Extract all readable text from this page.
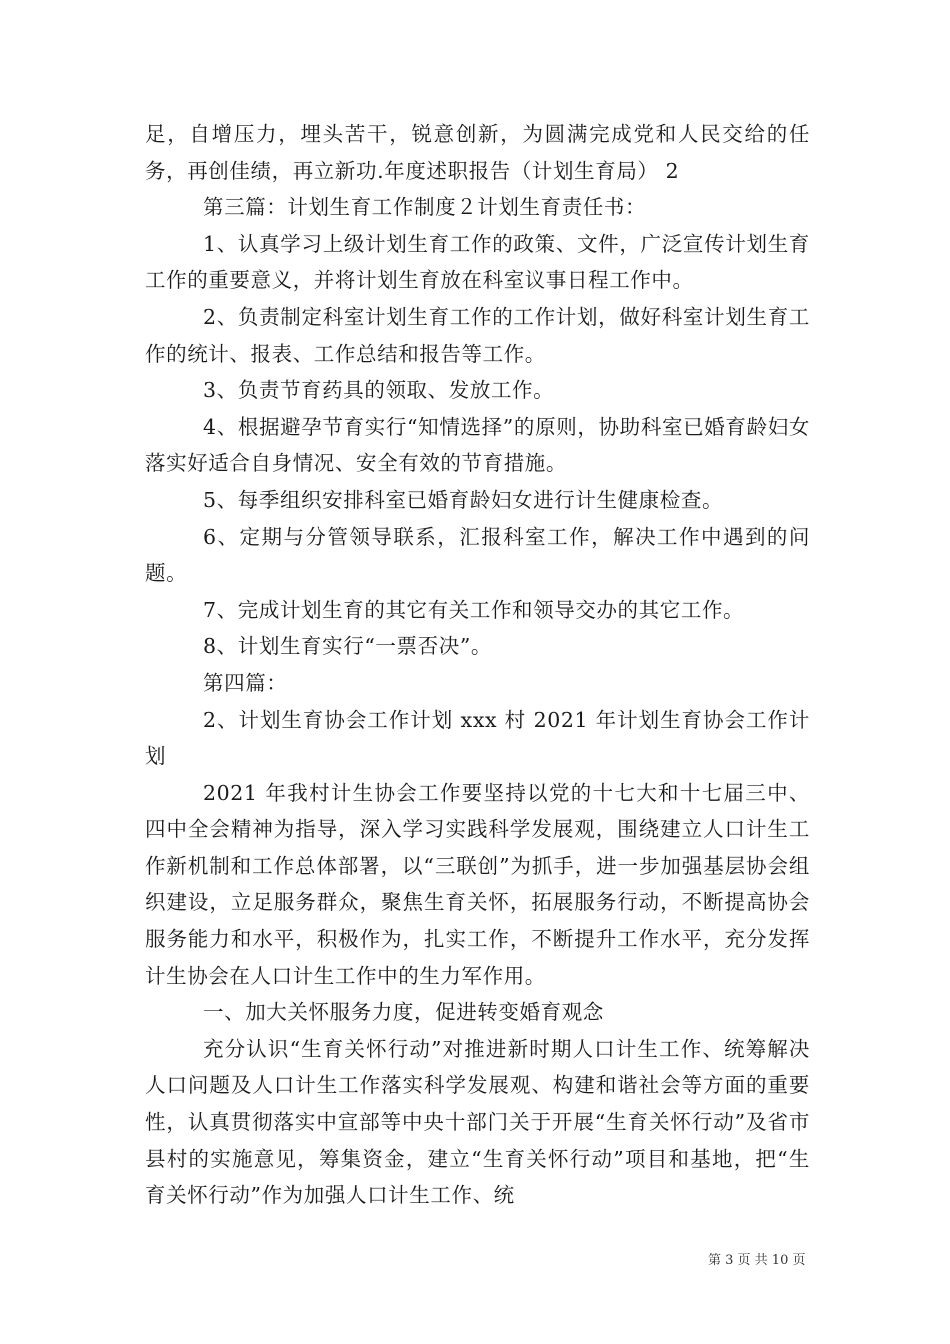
足，自增压力，埋头苦干，锐意创新，为圆满完成党和人民交给的任务，再创佳绩，再立新功.年度述职报告（计划生育局） 2

第三篇：计划生育工作制度２计划生育责任书：

1、认真学习上级计划生育工作的政策、文件，广泛宣传计划生育工作的重要意义，并将计划生育放在科室议事日程工作中。

2、负责制定科室计划生育工作的工作计划，做好科室计划生育工作的统计、报表、工作总结和报告等工作。

3、负责节育药具的领取、发放工作。

4、根据避孕节育实行“知情选择”的原则，协助科室已婚育龄妇女落实好适合自身情况、安全有效的节育措施。

5、每季组织安排科室已婚育龄妇女进行计生健康检查。

6、定期与分管领导联系，汇报科室工作，解决工作中遇到的问题。

7、完成计划生育的其它有关工作和领导交办的其它工作。

8、计划生育实行“一票否决”。

第四篇：

2、计划生育协会工作计划 xxx 村 2021 年计划生育协会工作计划

2021 年我村计生协会工作要坚持以党的十七大和十七届三中、四中全会精神为指导，深入学习实践科学发展观，围绕建立人口计生工作新机制和工作总体部署，以“三联创”为抓手，进一步加强基层协会组织建设，立足服务群众，聚焦生育关怀，拓展服务行动，不断提高协会服务能力和水平，积极作为，扎实工作，不断提升工作水平，充分发挥计生协会在人口计生工作中的生力军作用。

一、加大关怀服务力度，促进转变婚育观念

充分认识“生育关怀行动”对推进新时期人口计生工作、统筹解决人口问题及人口计生工作落实科学发展观、构建和谐社会等方面的重要性，认真贯彻落实中宣部等中央十部门关于开展“生育关怀行动”及省市县村的实施意见，筹集资金，建立“生育关怀行动”项目和基地，把“生育关怀行动”作为加强人口计生工作、统

第 3 页 共 10 页
